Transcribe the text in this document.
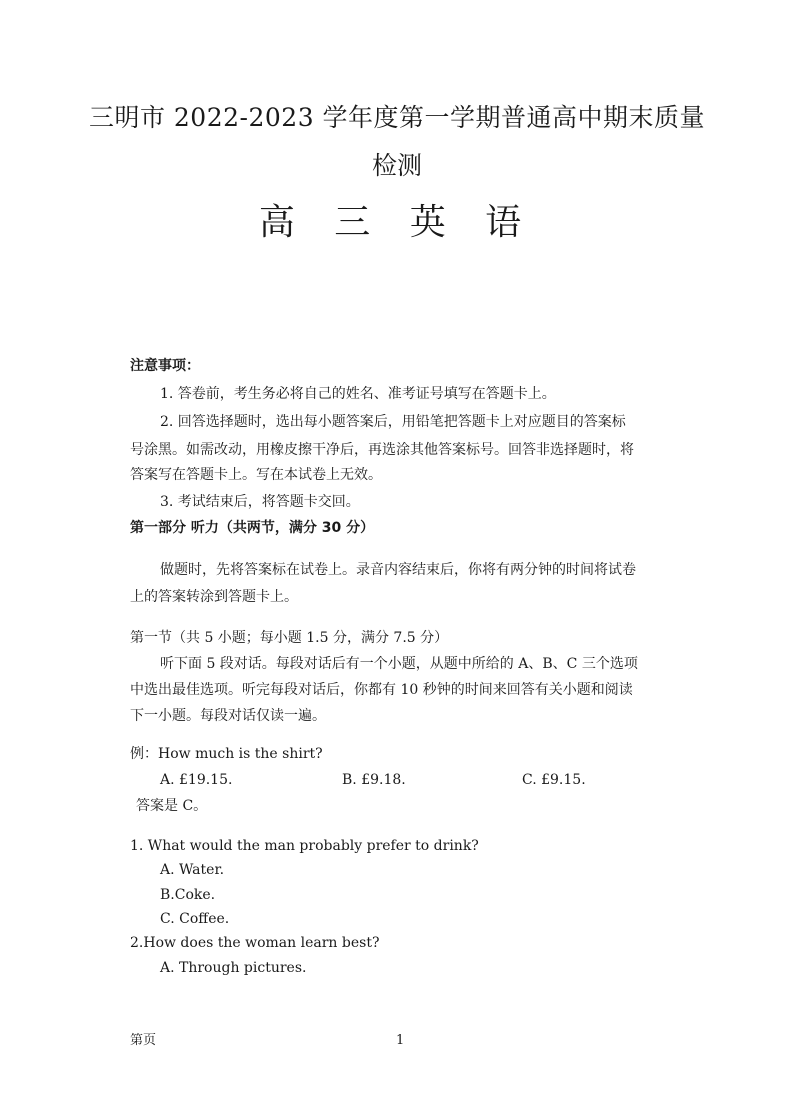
三明市 2022-2023 学年度第一学期普通高中期末质量
检测
高 三 英 语
注意事项：
1. 答卷前，考生务必将自己的姓名、准考证号填写在答题卡上。
2. 回答选择题时，选出每小题答案后，用铅笔把答题卡上对应题目的答案标
号涂黑。如需改动，用橡皮擦干净后，再选涂其他答案标号。回答非选择题时，将
答案写在答题卡上。写在本试卷上无效。
3. 考试结束后，将答题卡交回。
第一部分 听力（共两节，满分 30 分）
做题时，先将答案标在试卷上。录音内容结束后，你将有两分钟的时间将试卷
上的答案转涂到答题卡上。
第一节（共 5 小题；每小题 1.5 分，满分 7.5 分）
听下面 5 段对话。每段对话后有一个小题，从题中所给的 A、B、C 三个选项
中选出最佳选项。听完每段对话后，你都有 10 秒钟的时间来回答有关小题和阅读
下一小题。每段对话仅读一遍。
例：How much is the shirt?
A. £19.15.	B. £9.18.	C. £9.15.
答案是 C。
1. What would the man probably prefer to drink?
A. Water.
B.Coke.
C. Coffee.
2.How does the woman learn best?
A. Through pictures.
第页	1
